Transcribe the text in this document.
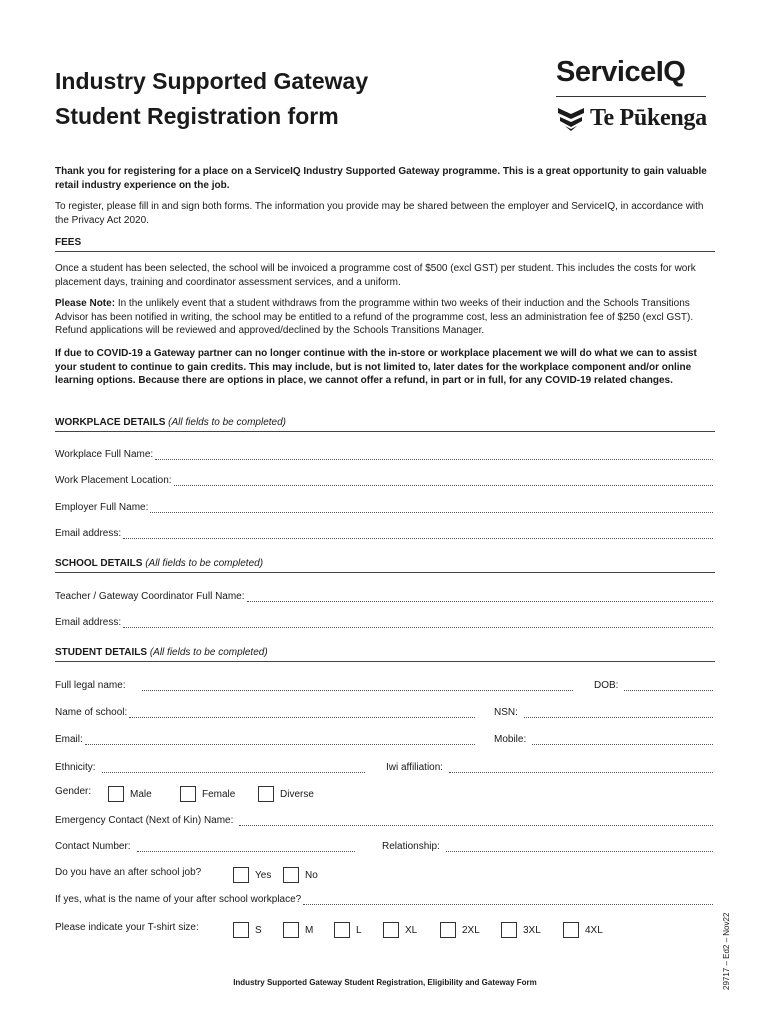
Industry Supported Gateway
Student Registration form
ServiceIQ
Te Pūkenga

Thank you for registering for a place on a ServiceIQ Industry Supported Gateway programme. This is a great opportunity to gain valuable retail industry experience on the job.

To register, please fill in and sign both forms. The information you provide may be shared between the employer and ServiceIQ, in accordance with the Privacy Act 2020.

FEES

Once a student has been selected, the school will be invoiced a programme cost of $500 (excl GST) per student. This includes the costs for work placement days, training and coordinator assessment services, and a uniform.

Please Note: In the unlikely event that a student withdraws from the programme within two weeks of their induction and the Schools Transitions Advisor has been notified in writing, the school may be entitled to a refund of the programme cost, less an administration fee of $250 (excl GST). Refund applications will be reviewed and approved/declined by the Schools Transitions Manager.

If due to COVID-19 a Gateway partner can no longer continue with the in-store or workplace placement we will do what we can to assist your student to continue to gain credits. This may include, but is not limited to, later dates for the workplace component and/or online learning options. Because there are options in place, we cannot offer a refund, in part or in full, for any COVID-19 related changes.

WORKPLACE DETAILS (All fields to be completed)
Workplace Full Name:
Work Placement Location:
Employer Full Name:
Email address:
SCHOOL DETAILS (All fields to be completed)
Teacher / Gateway Coordinator Full Name:
Email address:
STUDENT DETAILS (All fields to be completed)
Full legal name:	DOB:
Name of school:	NSN:
Email:	Mobile:
Ethnicity:	Iwi affiliation:
Gender:	Male	Female	Diverse
Emergency Contact (Next of Kin) Name:
Contact Number:	Relationship:
Do you have an after school job?	Yes	No
If yes, what is the name of your after school workplace?
Please indicate your T-shirt size:	S	M	L	XL	2XL	3XL	4XL	29717 – Ed2 – Nov22
Industry Supported Gateway Student Registration, Eligibility and Gateway Form
